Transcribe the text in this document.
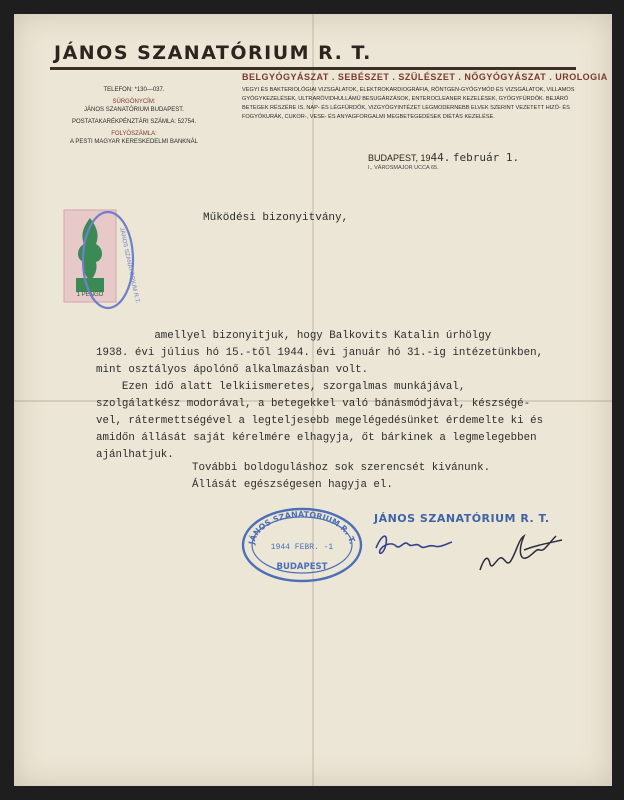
JÁNOS SZANATÓRIUM R. T.
BELGYÓGYÁSZAT . SEBÉSZET . SZÜLÉSZET . NŐGYÓGYÁSZAT . UROLOGIA
VEGYI ÉS BAKTERIOLÓGIAI VIZSGÁLATOK, ELEKTROKARDIOGRÁFIA, RÖNTGEN-GYÓGYMÓD ÉS VIZSGÁLATOK, VILLAMOS GYÓGYKEZELÉSEK, ULTRARÖVIDHULLÁMÚ BESUGÁRZÁSOK, ENTEROCLEANER KEZELÉSEK, GYÓGYFÜRDŐK. BEJÁRÓ BETEGEK RÉSZÉRE IS. NAP- ÉS LÉGFÜRDŐK, VIZGYÓGYINTÉZET LEGMODERNEBB ELVEK SZERINT VEZETETT HIZÓ- ÉS FOGYÓKURÁK, CUKOR-, VESE- ÉS ANYAGFORGALMI MEGBETEGEDÉSEK DIÉTÁS KEZELÉSE.
TELEFON: *130—037.
SÜRGÖNYCÍM:
JÁNOS SZANATÓRIUM BUDAPEST.
POSTATAKARÉKPÉNZTÁRI SZÁMLA: 52754.
FOLYÓSZÁMLA:
A PESTI MAGYAR KERESKEDELMI BANKNÁL
BUDAPEST, 1944. február 1.
I., VÁROSMAJOR UCCA 65.
1 PENGŐ JÁNOS SZANATÓRIUM R.T.
Működési bizonyitvány,
amellyel bizonyitjuk, hogy Balkovits Katalin úrhölgy
1938. évi július hó 15.-től 1944. évi január hó 31.-ig intézetünkben,
mint osztályos ápolónő alkalmazásban volt.
Ezen idő alatt lelkiismeretes, szorgalmas munkájával,
szolgálatkész modorával, a betegekkel való bánásmódjával, készségé-
vel, rátermettségével a legteljesebb megelégedésünket érdemelte ki és
amidőn állását saját kérelmére elhagyja, őt bárkinek a legmelegebben
ajánlhatjuk.
További boldoguláshoz sok szerencsét kivánunk.
Állását egészségesen hagyja el.
JÁNOS SZANATÓRIUM R. T.
1944 FEBR. -1
BUDAPEST
JÁNOS SZANATÓRIUM R. T.
